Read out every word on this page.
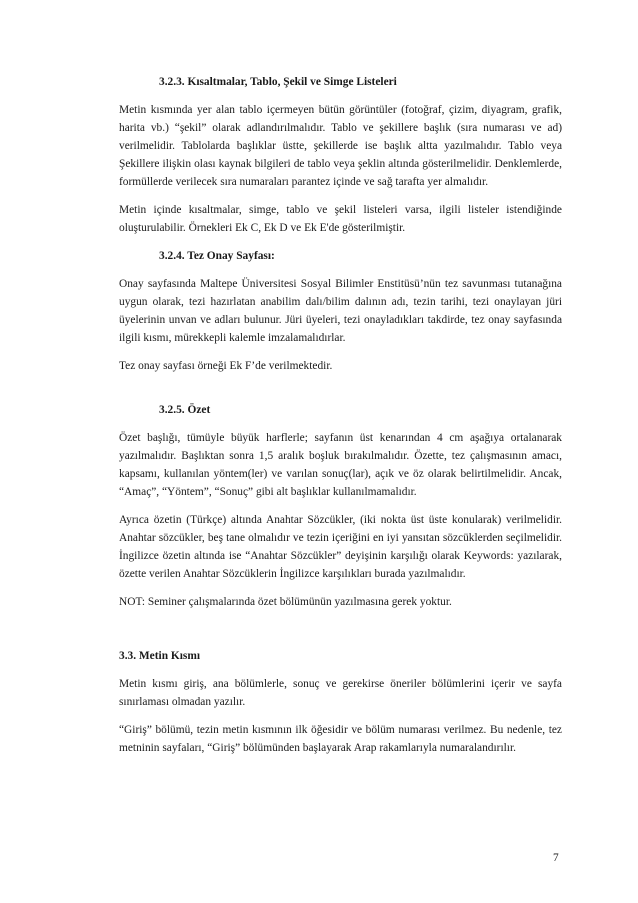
3.2.3. Kısaltmalar, Tablo, Şekil ve Simge Listeleri

Metin kısmında yer alan tablo içermeyen bütün görüntüler (fotoğraf, çizim, diyagram, grafik, harita vb.) “şekil” olarak adlandırılmalıdır. Tablo ve şekillere başlık (sıra numarası ve ad) verilmelidir. Tablolarda başlıklar üstte, şekillerde ise başlık altta yazılmalıdır. Tablo veya Şekillere ilişkin olası kaynak bilgileri de tablo veya şeklin altında gösterilmelidir. Denklemlerde, formüllerde verilecek sıra numaraları parantez içinde ve sağ tarafta yer almalıdır.

Metin içinde kısaltmalar, simge, tablo ve şekil listeleri varsa, ilgili listeler istendiğinde oluşturulabilir. Örnekleri Ek C, Ek D ve Ek E'de gösterilmiştir.

3.2.4. Tez Onay Sayfası:

Onay sayfasında Maltepe Üniversitesi Sosyal Bilimler Enstitüsü’nün tez savunması tutanağına uygun olarak, tezi hazırlatan anabilim dalı/bilim dalının adı, tezin tarihi, tezi onaylayan jüri üyelerinin unvan ve adları bulunur. Jüri üyeleri, tezi onayladıkları takdirde, tez onay sayfasında ilgili kısmı, mürekkepli kalemle imzalamalıdırlar.

Tez onay sayfası örneği Ek F’de verilmektedir.

3.2.5. Özet

Özet başlığı, tümüyle büyük harflerle; sayfanın üst kenarından 4 cm aşağıya ortalanarak yazılmalıdır. Başlıktan sonra 1,5 aralık boşluk bırakılmalıdır. Özette, tez çalışmasının amacı, kapsamı, kullanılan yöntem(ler) ve varılan sonuç(lar), açık ve öz olarak belirtilmelidir. Ancak, “Amaç”, “Yöntem”, “Sonuç” gibi alt başlıklar kullanılmamalıdır.

Ayrıca özetin (Türkçe) altında Anahtar Sözcükler, (iki nokta üst üste konularak) verilmelidir. Anahtar sözcükler, beş tane olmalıdır ve tezin içeriğini en iyi yansıtan sözcüklerden seçilmelidir. İngilizce özetin altında ise “Anahtar Sözcükler” deyişinin karşılığı olarak Keywords: yazılarak, özette verilen Anahtar Sözcüklerin İngilizce karşılıkları burada yazılmalıdır.

NOT: Seminer çalışmalarında özet bölümünün yazılmasına gerek yoktur.

3.3. Metin Kısmı

Metin kısmı giriş, ana bölümlerle, sonuç ve gerekirse öneriler bölümlerini içerir ve sayfa sınırlaması olmadan yazılır.

“Giriş” bölümü, tezin metin kısmının ilk öğesidir ve bölüm numarası verilmez. Bu nedenle, tez metninin sayfaları, “Giriş” bölümünden başlayarak Arap rakamlarıyla numaralandırılır.

7
